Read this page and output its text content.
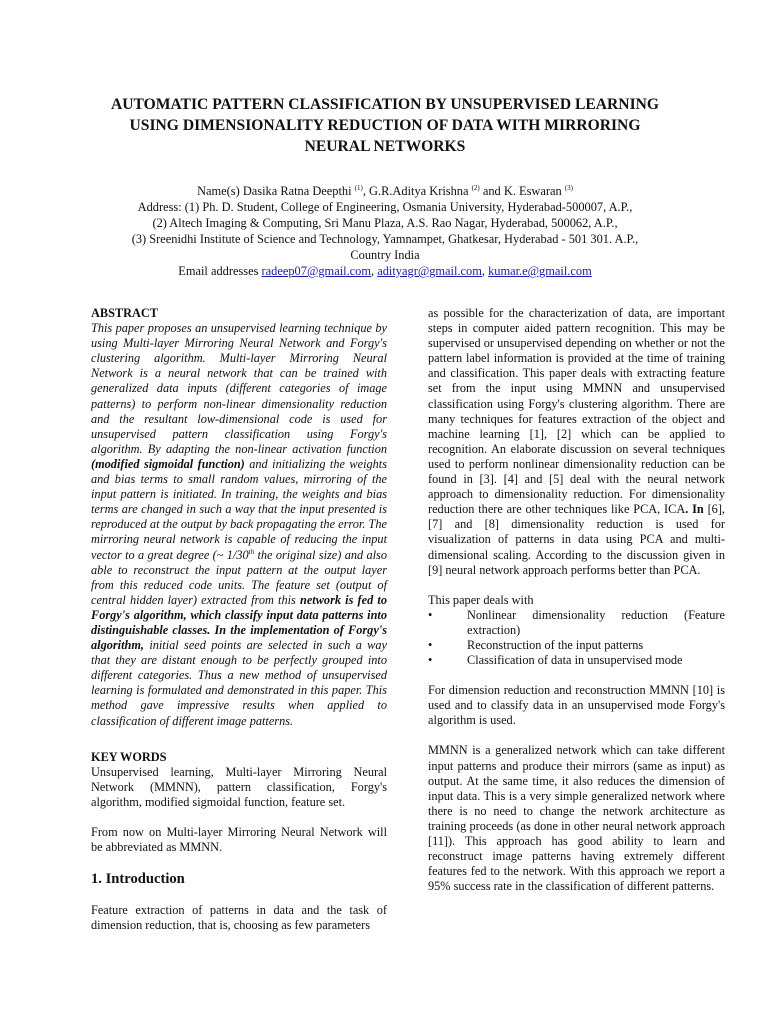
AUTOMATIC PATTERN CLASSIFICATION BY UNSUPERVISED LEARNING
USING DIMENSIONALITY REDUCTION OF DATA WITH MIRRORING
NEURAL NETWORKS
Name(s) Dasika Ratna Deepthi $^{(1)}$, G.R.Aditya Krishna $^{(2)}$ and K. Eswaran $^{(3)}$
Address: (1) Ph. D. Student, College of Engineering, Osmania University, Hyderabad-500007, A.P.,
(2) Altech Imaging & Computing, Sri Manu Plaza, A.S. Rao Nagar, Hyderabad, 500062, A.P.,
(3) Sreenidhi Institute of Science and Technology, Yamnampet, Ghatkesar, Hyderabad - 501 301. A.P.,
Country India
Email addresses radeep07@gmail.com, adityagr@gmail.com, kumar.e@gmail.com
ABSTRACT
This paper proposes an unsupervised learning technique by using Multi-layer Mirroring Neural Network and Forgy's clustering algorithm. Multi-layer Mirroring Neural Network is a neural network that can be trained with generalized data inputs (different categories of image patterns) to perform non-linear dimensionality reduction and the resultant low-dimensional code is used for unsupervised pattern classification using Forgy's algorithm. By adapting the non-linear activation function (modified sigmoidal function) and initializing the weights and bias terms to small random values, mirroring of the input pattern is initiated. In training, the weights and bias terms are changed in such a way that the input presented is reproduced at the output by back propagating the error. The mirroring neural network is capable of reducing the input vector to a great degree (~ 1/30th the original size) and also able to reconstruct the input pattern at the output layer from this reduced code units. The feature set (output of central hidden layer) extracted from this network is fed to Forgy's algorithm, which classify input data patterns into distinguishable classes. In the implementation of Forgy's algorithm, initial seed points are selected in such a way that they are distant enough to be perfectly grouped into different categories. Thus a new method of unsupervised learning is formulated and demonstrated in this paper. This method gave impressive results when applied to classification of different image patterns.
KEY WORDS
Unsupervised learning, Multi-layer Mirroring Neural Network (MMNN), pattern classification, Forgy's algorithm, modified sigmoidal function, feature set.
From now on Multi-layer Mirroring Neural Network will be abbreviated as MMNN.
1. Introduction
Feature extraction of patterns in data and the task of dimension reduction, that is, choosing as few parameters
as possible for the characterization of data, are important steps in computer aided pattern recognition. This may be supervised or unsupervised depending on whether or not the pattern label information is provided at the time of training and classification. This paper deals with extracting feature set from the input using MMNN and unsupervised classification using Forgy's clustering algorithm. There are many techniques for features extraction of the object and machine learning [1], [2] which can be applied to recognition. An elaborate discussion on several techniques used to perform nonlinear dimensionality reduction can be found in [3]. [4] and [5] deal with the neural network approach to dimensionality reduction. For dimensionality reduction there are other techniques like PCA, ICA. In [6], [7] and [8] dimensionality reduction is used for visualization of patterns in data using PCA and multi-dimensional scaling. According to the discussion given in [9] neural network approach performs better than PCA.
This paper deals with
•	Nonlinear dimensionality reduction (Feature
extraction)
•	Reconstruction of the input patterns
•	Classification of data in unsupervised mode
For dimension reduction and reconstruction MMNN [10] is used and to classify data in an unsupervised mode Forgy's algorithm is used.
MMNN is a generalized network which can take different input patterns and produce their mirrors (same as input) as output. At the same time, it also reduces the dimension of input data. This is a very simple generalized network where there is no need to change the network architecture as training proceeds (as done in other neural network approach [11]). This approach has good ability to learn and reconstruct image patterns having extremely different features fed to the network. With this approach we report a 95% success rate in the classification of different patterns.
